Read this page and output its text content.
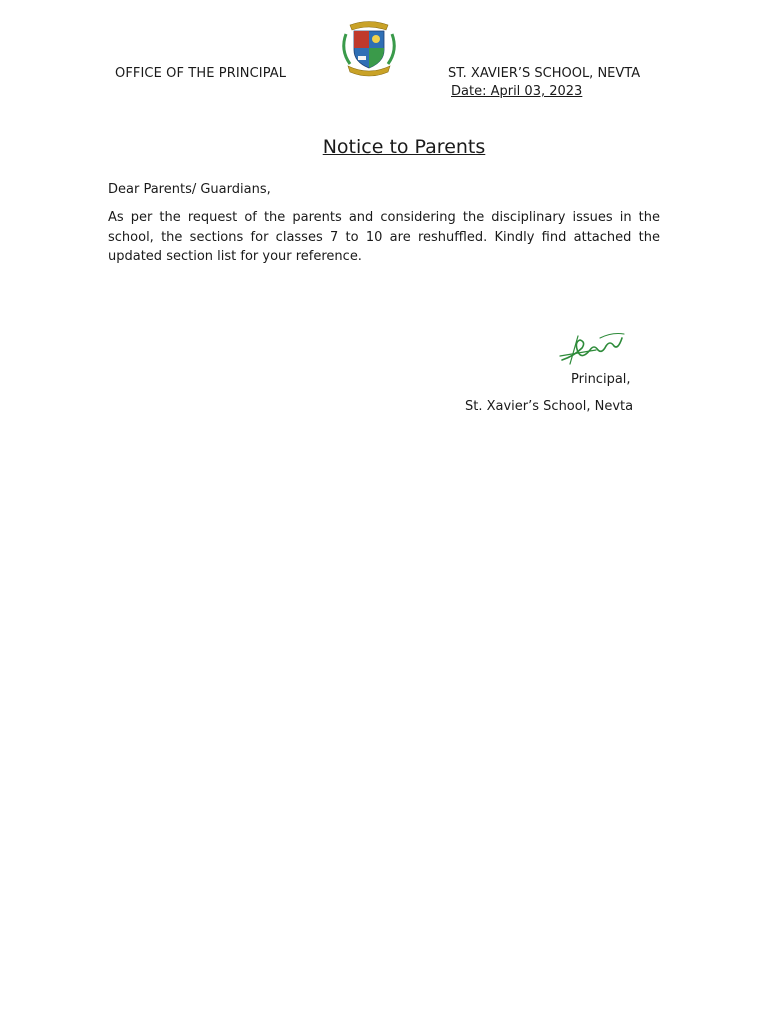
OFFICE OF THE PRINCIPAL	ST. XAVIER’S SCHOOL, NEVTA
Date: April 03, 2023
Notice to Parents
Dear Parents/ Guardians,
As per the request of the parents and considering the disciplinary issues in the school, the sections for classes 7 to 10 are reshuffled. Kindly find attached the updated section list for your reference.
Principal,
St. Xavier’s School, Nevta
